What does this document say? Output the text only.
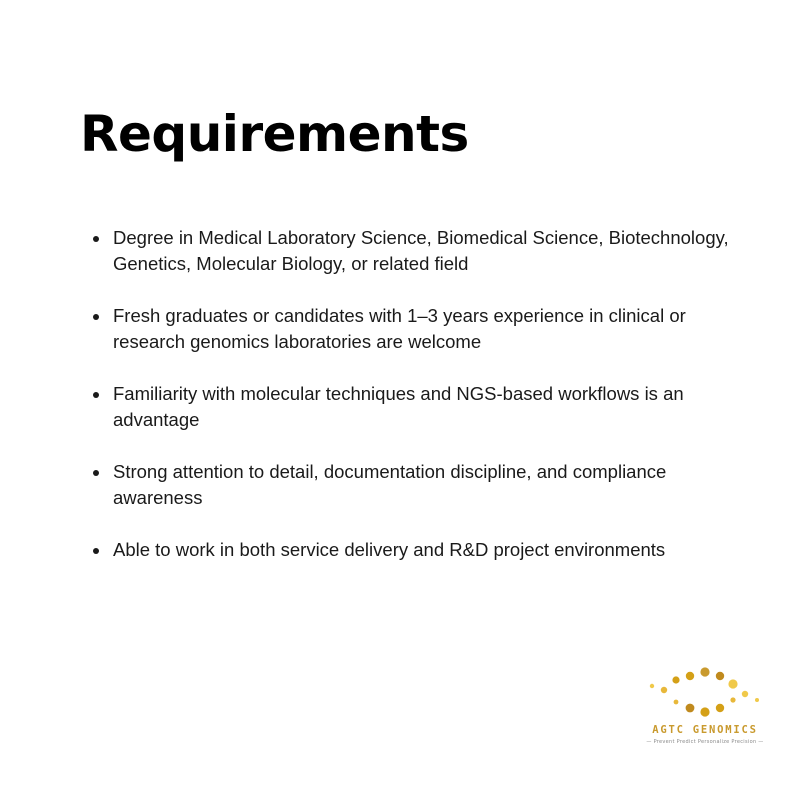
Requirements
Degree in Medical Laboratory Science, Biomedical Science, Biotechnology, Genetics, Molecular Biology, or related field
Fresh graduates or candidates with 1–3 years experience in clinical or research genomics laboratories are welcome
Familiarity with molecular techniques and NGS-based workflows is an advantage
Strong attention to detail, documentation discipline, and compliance awareness
Able to work in both service delivery and R&D project environments
AGTC GENOMICS
— Prevent Predict Personalize Precision —
